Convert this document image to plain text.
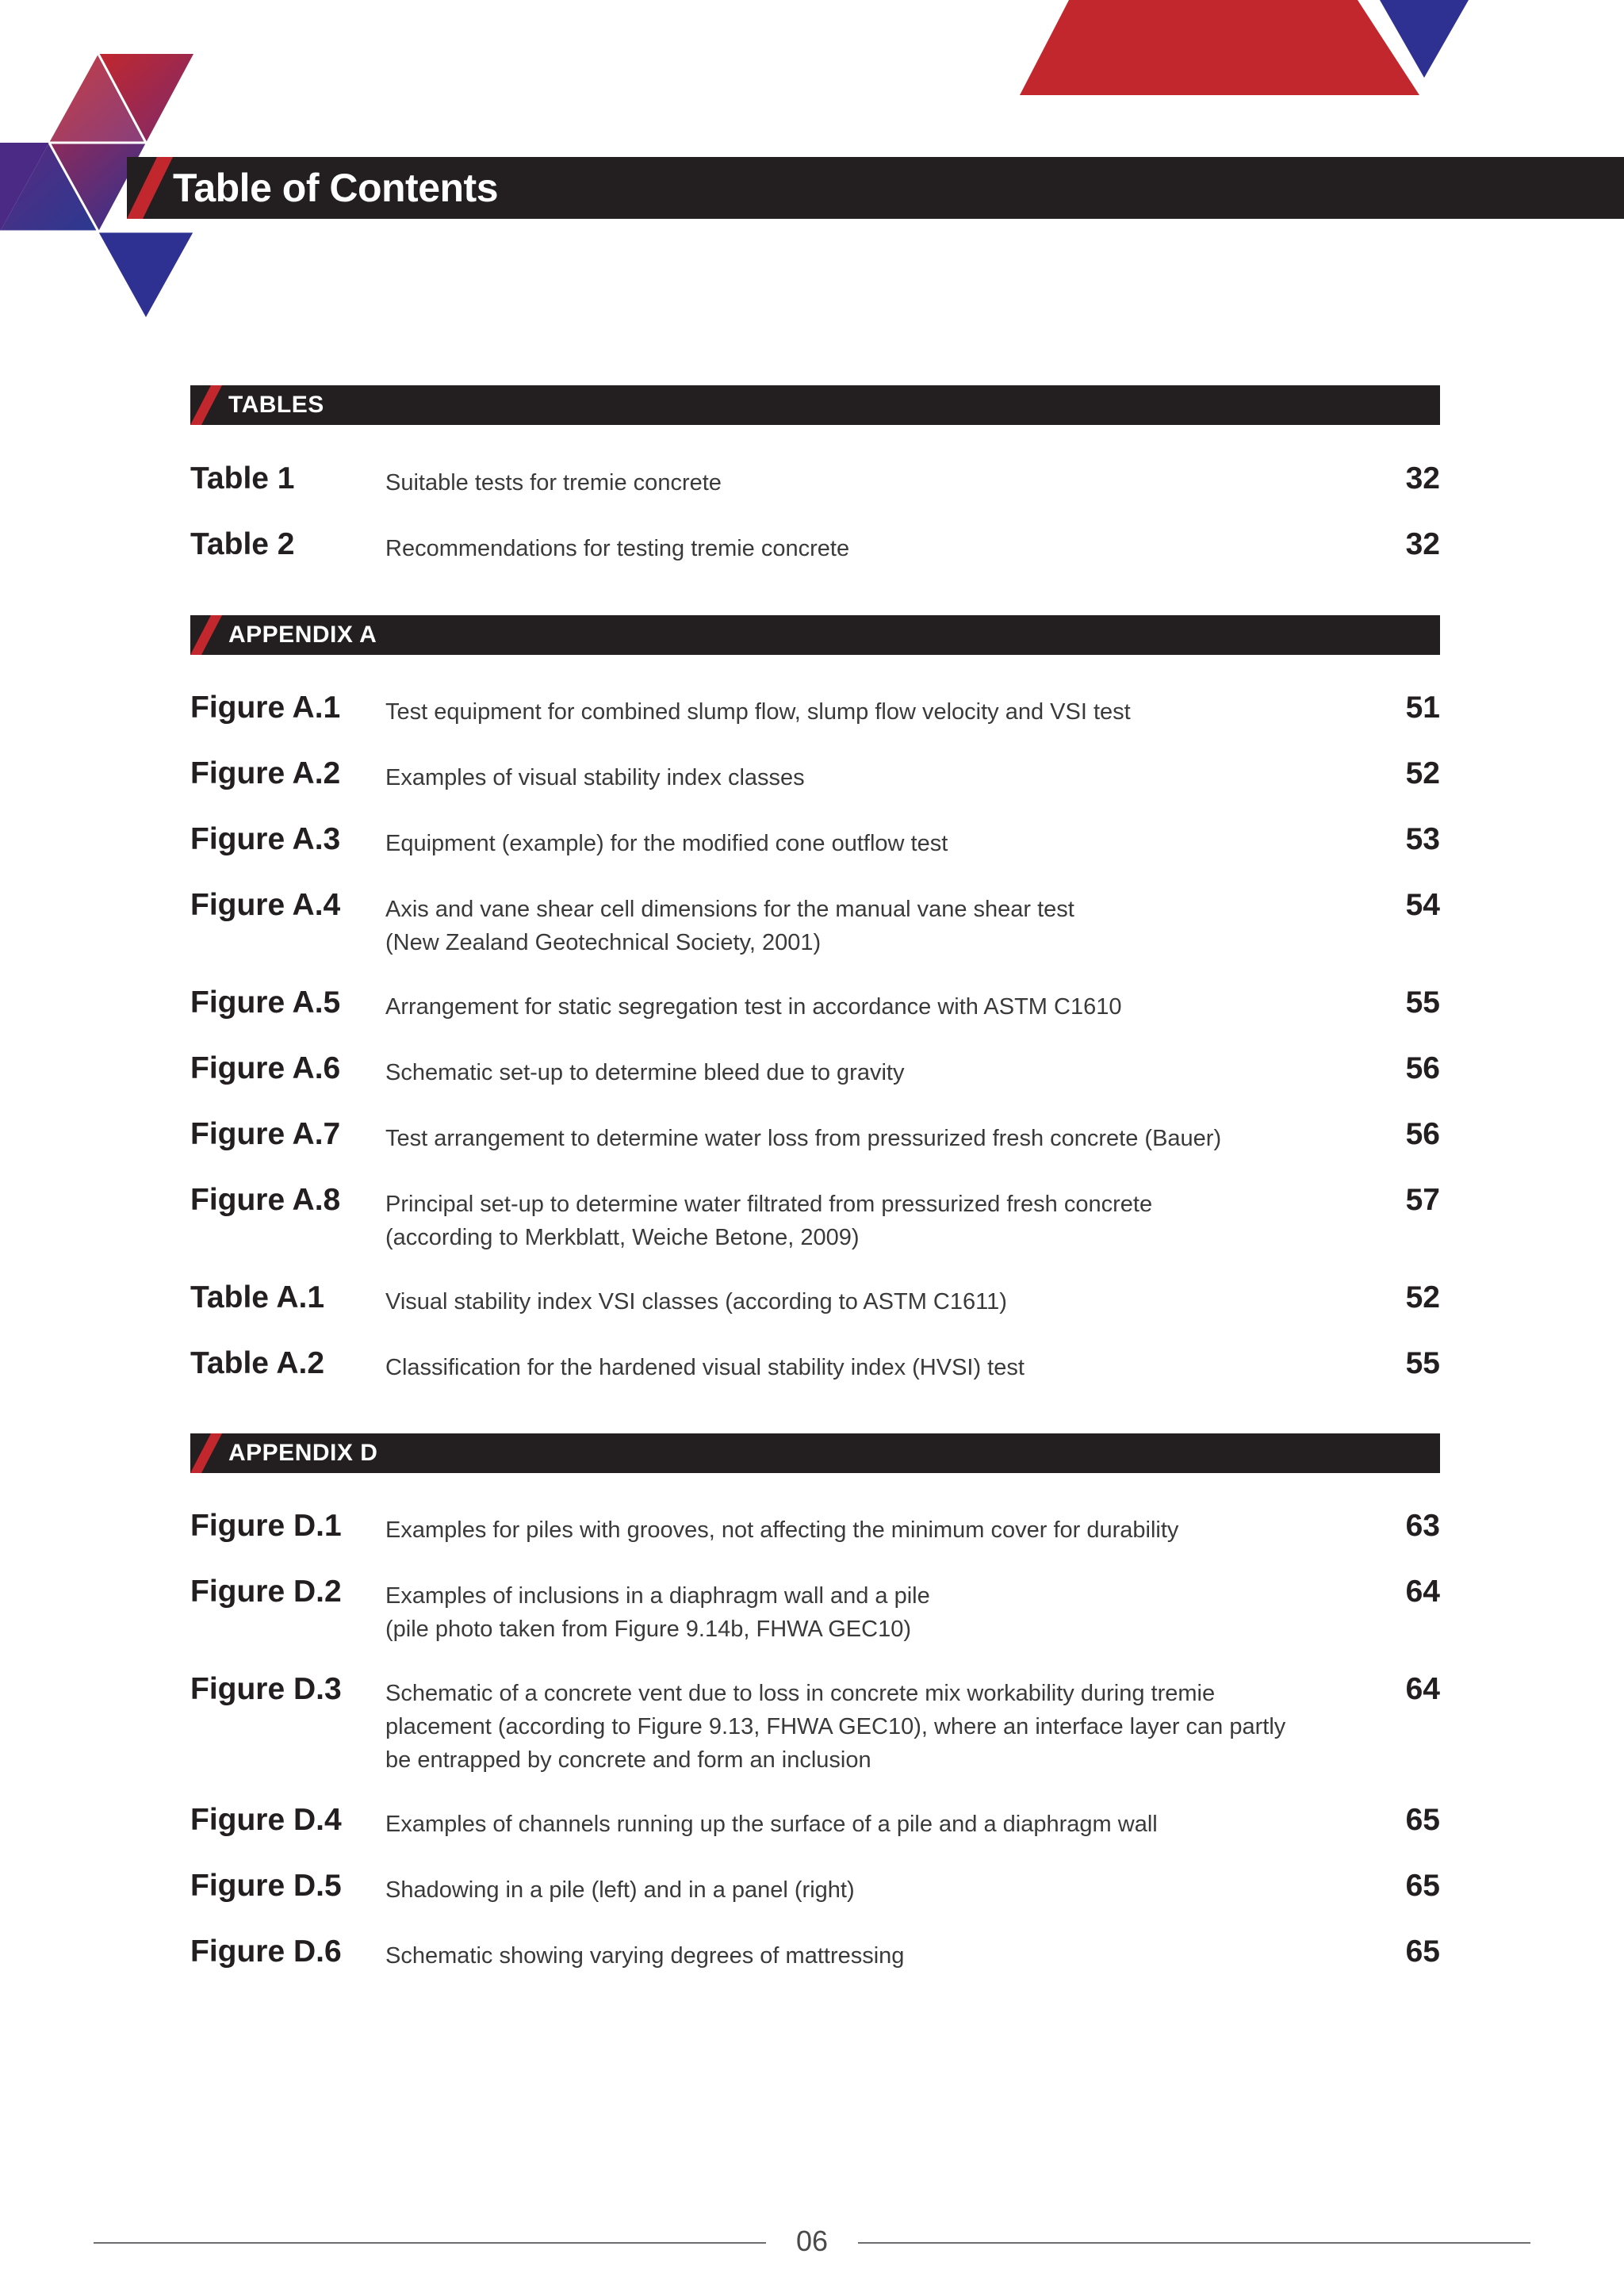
Table of Contents
TABLES
Table 1	Suitable tests for tremie concrete	32
Table 2	Recommendations for testing tremie concrete	32
APPENDIX A
Figure A.1 Test equipment for combined slump flow, slump flow velocity and VSI test	51
Figure A.2 Examples of visual stability index classes	52
Figure A.3 Equipment (example) for the modified cone outflow test	53
Figure A.4 Axis and vane shear cell dimensions for the manual vane shear test
(New Zealand Geotechnical Society, 2001)
54
Figure A.5 Arrangement for static segregation test in accordance with ASTM C1610	55
Figure A.6 Schematic set-up to determine bleed due to gravity	56
Figure A.7 Test arrangement to determine water loss from pressurized fresh concrete (Bauer)	56
Figure A.8 Principal set-up to determine water filtrated from pressurized fresh concrete
(according to Merkblatt, Weiche Betone, 2009)
57
Table A.1	Visual stability index VSI classes (according to ASTM C1611)	52
Table A.2	Classification for the hardened visual stability index (HVSI) test	55
APPENDIX D
Figure D.1 Examples for piles with grooves, not affecting the minimum cover for durability	63
Figure D.2 Examples of inclusions in a diaphragm wall and a pile
(pile photo taken from Figure 9.14b, FHWA GEC10)
64
Figure D.3 Schematic of a concrete vent due to loss in concrete mix workability during tremie
placement (according to Figure 9.13, FHWA GEC10), where an interface layer can partly
be entrapped by concrete and form an inclusion
64
Figure D.4 Examples of channels running up the surface of a pile and a diaphragm wall	65
Figure D.5 Shadowing in a pile (left) and in a panel (right)	65
Figure D.6 Schematic showing varying degrees of mattressing	65
06
